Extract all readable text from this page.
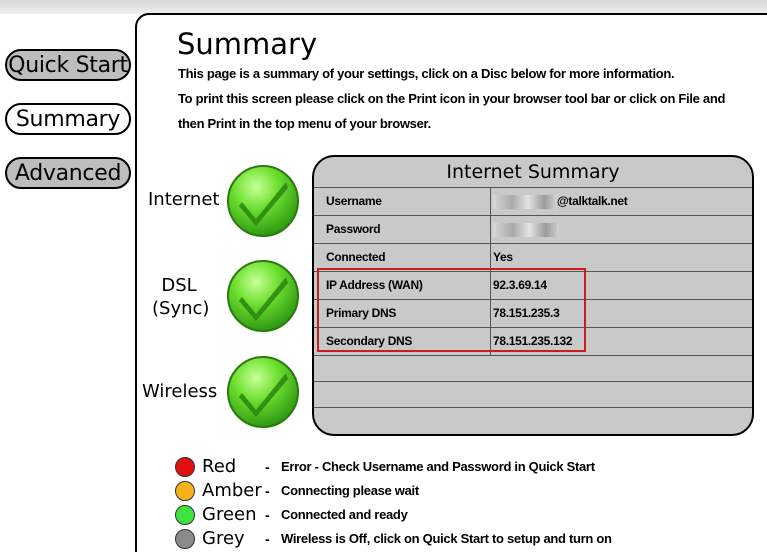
Quick Start
Summary
Advanced
Summary
This page is a summary of your settings, click on a Disc below for more information.
To print this screen please click on the Print icon in your browser tool bar or click on File and
then Print in the top menu of your browser.
Internet
DSL
(Sync)
Wireless
Internet Summary
Username	@talktalk.net
Password
Connected	Yes
IP Address (WAN)	92.3.69.14
Primary DNS	78.151.235.3
Secondary DNS	78.151.235.132
Red - Error - Check Username and Password in Quick Start
Amber - Connecting please wait
Green - Connected and ready
Grey - Wireless is Off, click on Quick Start to setup and turn on
